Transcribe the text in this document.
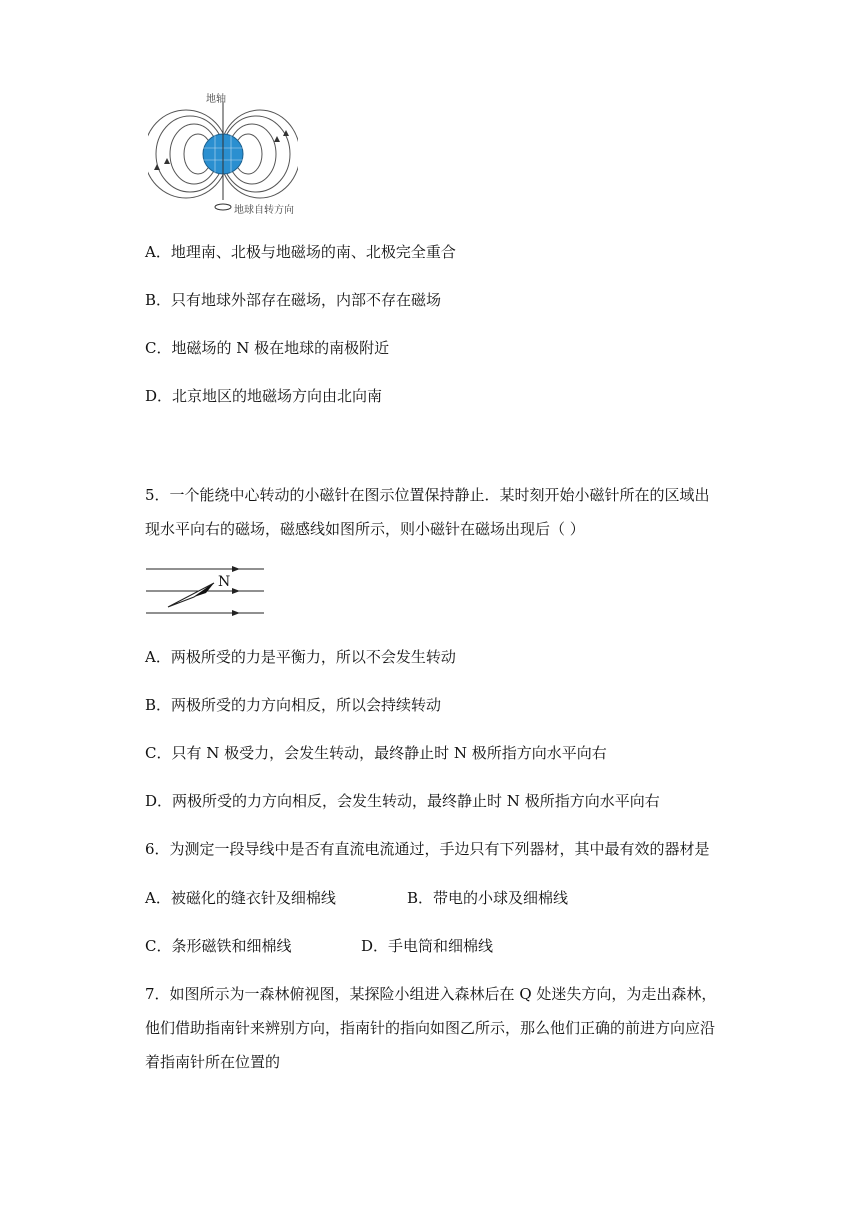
地轴
地球自转方向
A．地理南、北极与地磁场的南、北极完全重合
B．只有地球外部存在磁场，内部不存在磁场
C．地磁场的 N 极在地球的南极附近
D．北京地区的地磁场方向由北向南
5．一个能绕中心转动的小磁针在图示位置保持静止．某时刻开始小磁针所在的区域出
现水平向右的磁场，磁感线如图所示，则小磁针在磁场出现后（ ）
N
A．两极所受的力是平衡力，所以不会发生转动
B．两极所受的力方向相反，所以会持续转动
C．只有 N 极受力，会发生转动，最终静止时 N 极所指方向水平向右
D．两极所受的力方向相反，会发生转动，最终静止时 N 极所指方向水平向右
6．为测定一段导线中是否有直流电流通过，手边只有下列器材，其中最有效的器材是
A．被磁化的缝衣针及细棉线	B．带电的小球及细棉线
C．条形磁铁和细棉线	D．手电筒和细棉线
7．如图所示为一森林俯视图，某探险小组进入森林后在 Q 处迷失方向，为走出森林，
他们借助指南针来辨别方向，指南针的指向如图乙所示，那么他们正确的前进方向应沿
着指南针所在位置的
